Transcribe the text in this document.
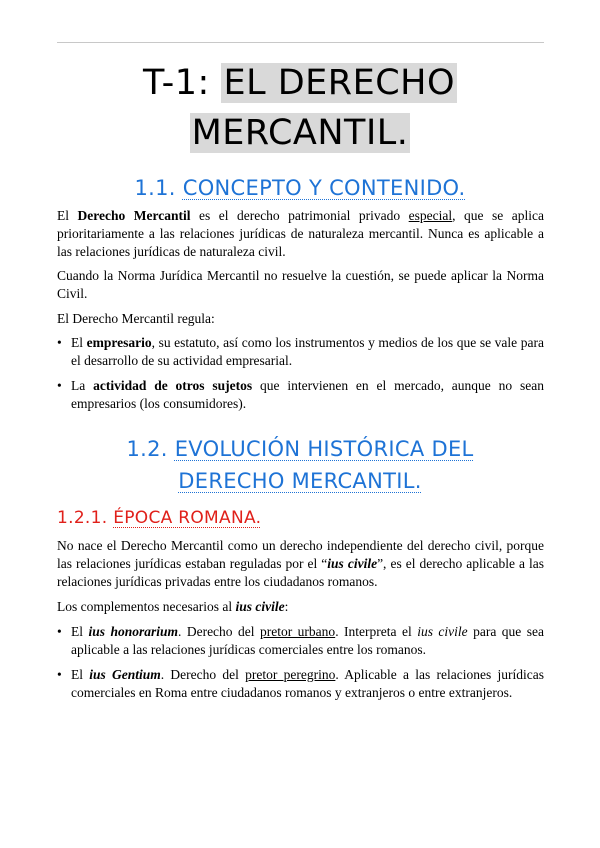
T-1: EL DERECHO
MERCANTIL.
1.1. CONCEPTO Y CONTENIDO.

El Derecho Mercantil es el derecho patrimonial privado especial, que se aplica prioritariamente a las relaciones jurídicas de naturaleza mercantil. Nunca es aplicable a las relaciones jurídicas de naturaleza civil.

Cuando la Norma Jurídica Mercantil no resuelve la cuestión, se puede aplicar la Norma Civil.

El Derecho Mercantil regula:

• El empresario, su estatuto, así como los instrumentos y medios de los que se vale para el desarrollo de su actividad empresarial.
• La actividad de otros sujetos que intervienen en el mercado, aunque no sean empresarios (los consumidores).
1.2. EVOLUCIÓN HISTÓRICA DEL
DERECHO MERCANTIL.
1.2.1. ÉPOCA ROMANA.

No nace el Derecho Mercantil como un derecho independiente del derecho civil, porque las relaciones jurídicas estaban reguladas por el “ius civile”, es el derecho aplicable a las relaciones jurídicas privadas entre los ciudadanos romanos.

Los complementos necesarios al ius civile:

• El ius honorarium. Derecho del pretor urbano. Interpreta el ius civile para que sea aplicable a las relaciones jurídicas comerciales entre los romanos.
• El ius Gentium. Derecho del pretor peregrino. Aplicable a las relaciones jurídicas comerciales en Roma entre ciudadanos romanos y extranjeros o entre extranjeros.
